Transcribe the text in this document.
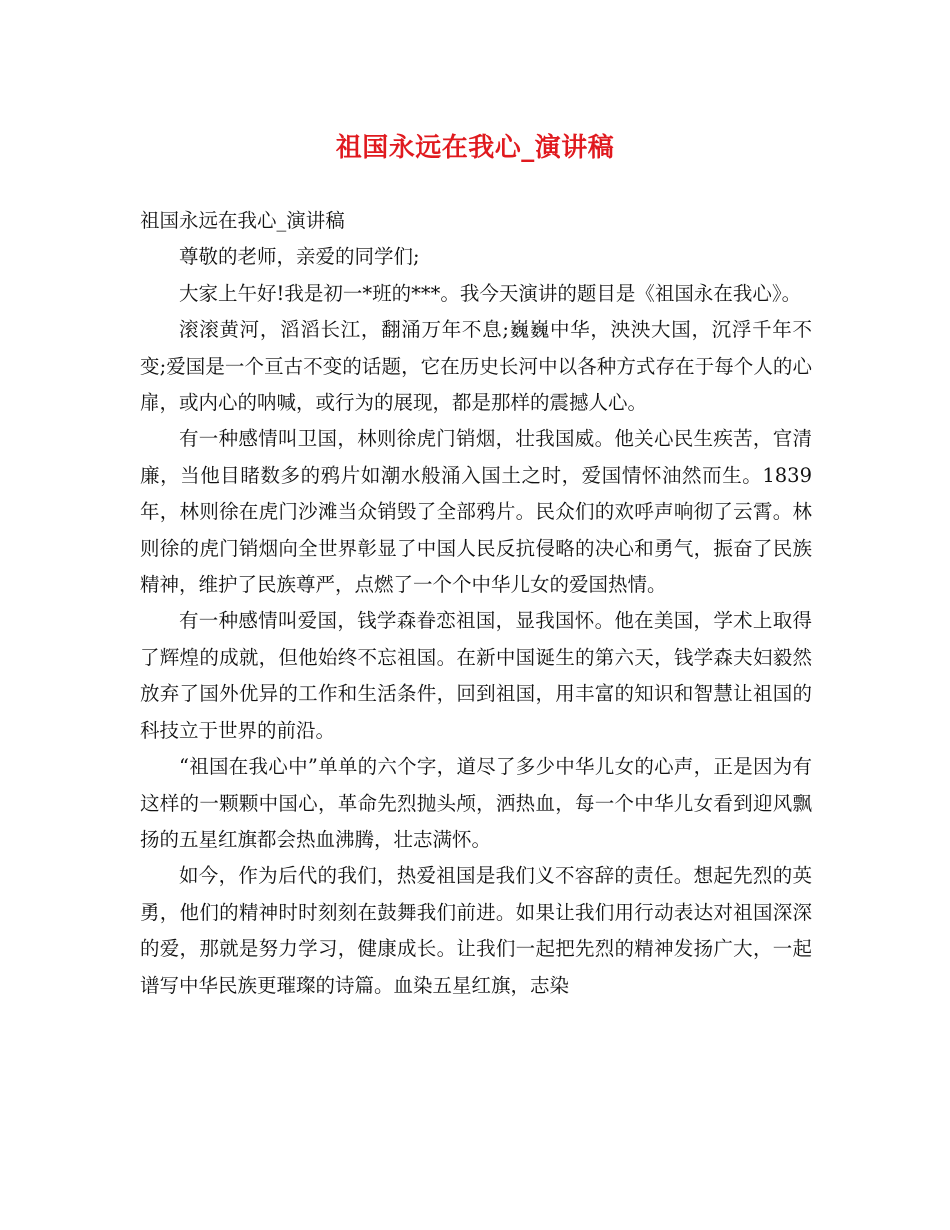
祖国永远在我心_演讲稿

祖国永远在我心_演讲稿

尊敬的老师，亲爱的同学们;

大家上午好!我是初一*班的***。我今天演讲的题目是《祖国永在我心》。

滚滚黄河，滔滔长江，翻涌万年不息;巍巍中华，泱泱大国，沉浮千年不变;爱国是一个亘古不变的话题，它在历史长河中以各种方式存在于每个人的心扉，或内心的呐喊，或行为的展现，都是那样的震撼人心。

有一种感情叫卫国，林则徐虎门销烟，壮我国威。他关心民生疾苦，官清廉，当他目睹数多的鸦片如潮水般涌入国土之时，爱国情怀油然而生。1839年，林则徐在虎门沙滩当众销毁了全部鸦片。民众们的欢呼声响彻了云霄。林则徐的虎门销烟向全世界彰显了中国人民反抗侵略的决心和勇气，振奋了民族精神，维护了民族尊严，点燃了一个个中华儿女的爱国热情。

有一种感情叫爱国，钱学森眷恋祖国，显我国怀。他在美国，学术上取得了辉煌的成就，但他始终不忘祖国。在新中国诞生的第六天，钱学森夫妇毅然放弃了国外优异的工作和生活条件，回到祖国，用丰富的知识和智慧让祖国的科技立于世界的前沿。

“祖国在我心中”单单的六个字，道尽了多少中华儿女的心声，正是因为有这样的一颗颗中国心，革命先烈抛头颅，洒热血，每一个中华儿女看到迎风飘扬的五星红旗都会热血沸腾，壮志满怀。

如今，作为后代的我们，热爱祖国是我们义不容辞的责任。想起先烈的英勇，他们的精神时时刻刻在鼓舞我们前进。如果让我们用行动表达对祖国深深的爱，那就是努力学习，健康成长。让我们一起把先烈的精神发扬广大，一起谱写中华民族更璀璨的诗篇。血染五星红旗，志染
